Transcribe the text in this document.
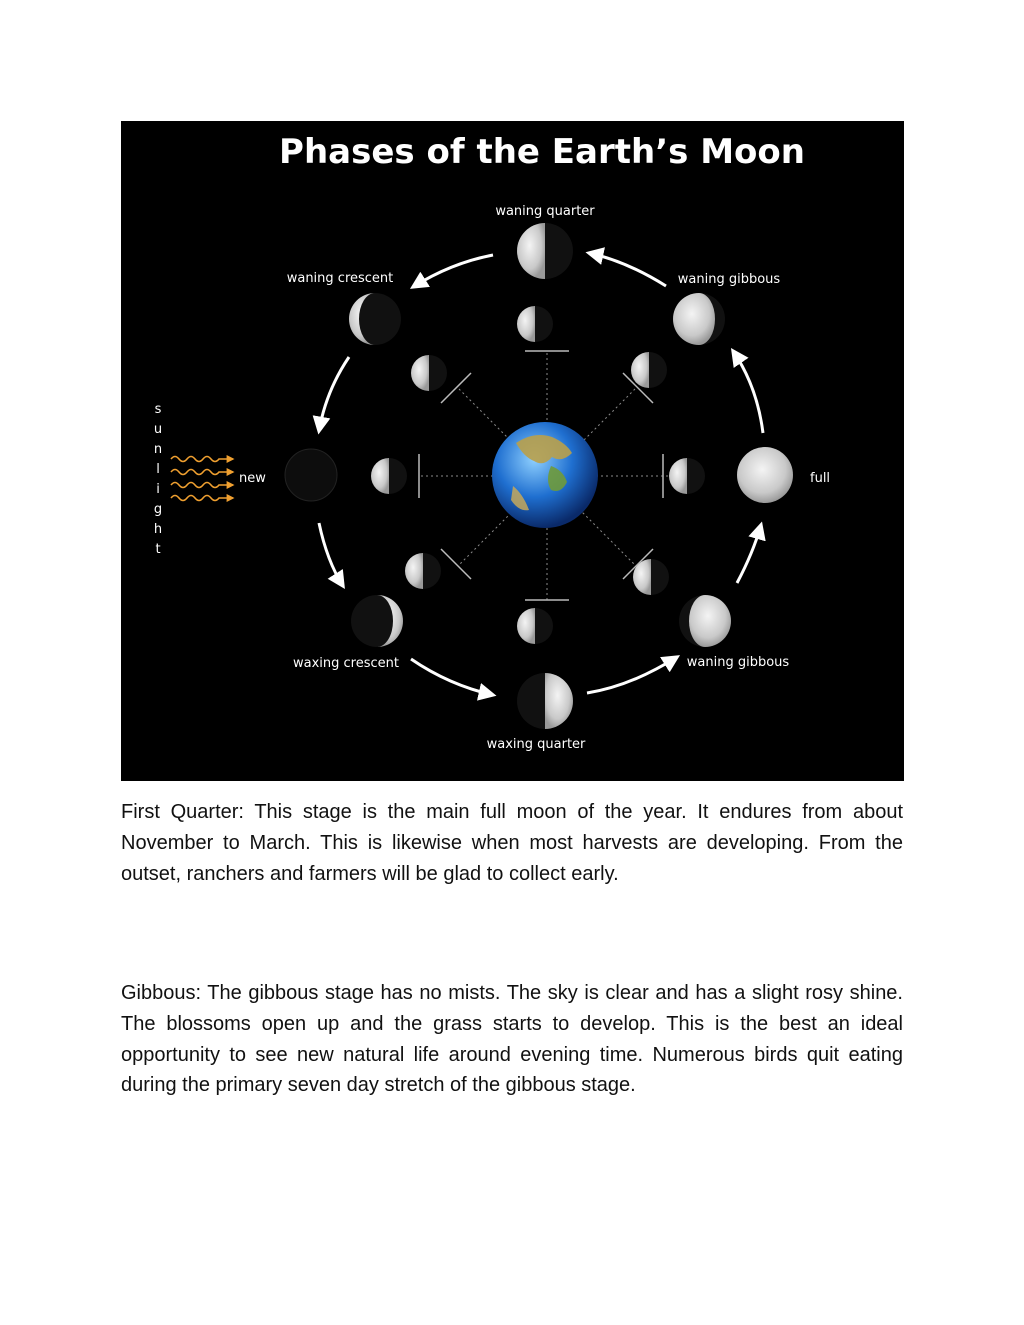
Phases of the Earth’s Moon
s
u
n
l
i
g
h
t
waning quarter
waning crescent	waning gibbous
new	full
waxing crescent	waning gibbous
waxing quarter

First Quarter: This stage is the main full moon of the year. It endures from about November to March. This is likewise when most harvests are developing. From the outset, ranchers and farmers will be glad to collect early.

Gibbous: The gibbous stage has no mists. The sky is clear and has a slight rosy shine. The blossoms open up and the grass starts to develop. This is the best an ideal opportunity to see new natural life around evening time. Numerous birds quit eating during the primary seven day stretch of the gibbous stage.
